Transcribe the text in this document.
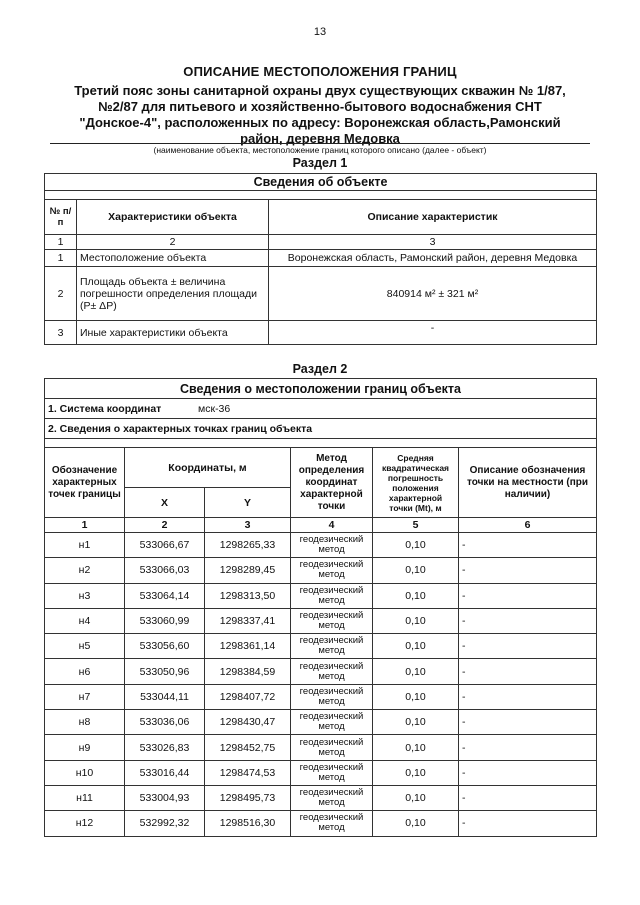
13
ОПИСАНИЕ МЕСТОПОЛОЖЕНИЯ ГРАНИЦ
Третий пояс зоны санитарной охраны двух существующих скважин № 1/87, №2/87 для питьевого и хозяйственно-бытового водоснабжения СНТ "Донское-4", расположенных по адресу: Воронежская область,Рамонский район, деревня Медовка
(наименование объекта, местоположение границ которого описано (далее - объект)
Раздел 1
Сведения об объекте		

№ п/п	Характеристики объекта	Описание характеристик
1	2	3
1	Местоположение объекта	Воронежская область, Рамонский район, деревня Медовка
2	Площадь объекта ± величина погрешности определения площади (P± ΔP)	840914 м² ± 321 м²
3	Иные характеристики объекта	-
Раздел 2
Сведения о местоположении границ объекта					
1. Система координат мск-36					
2. Сведения о характерных точках границ объекта					

Обозначение характерных точек границы	Координаты, м		Метод определения координат характерной точки	Средняя квадратическая погрешность положения характерной точки (Mt), м	Описание обозначения точки на местности (при наличии)
	X	Y			
1	2	3	4	5	6
н1	533066,67	1298265,33	геодезический метод	0,10	-
н2	533066,03	1298289,45	геодезический метод	0,10	-
н3	533064,14	1298313,50	геодезический метод	0,10	-
н4	533060,99	1298337,41	геодезический метод	0,10	-
н5	533056,60	1298361,14	геодезический метод	0,10	-
н6	533050,96	1298384,59	геодезический метод	0,10	-
н7	533044,11	1298407,72	геодезический метод	0,10	-
н8	533036,06	1298430,47	геодезический метод	0,10	-
н9	533026,83	1298452,75	геодезический метод	0,10	-
н10	533016,44	1298474,53	геодезический метод	0,10	-
н11	533004,93	1298495,73	геодезический метод	0,10	-
н12	532992,32	1298516,30	геодезический метод	0,10	-
